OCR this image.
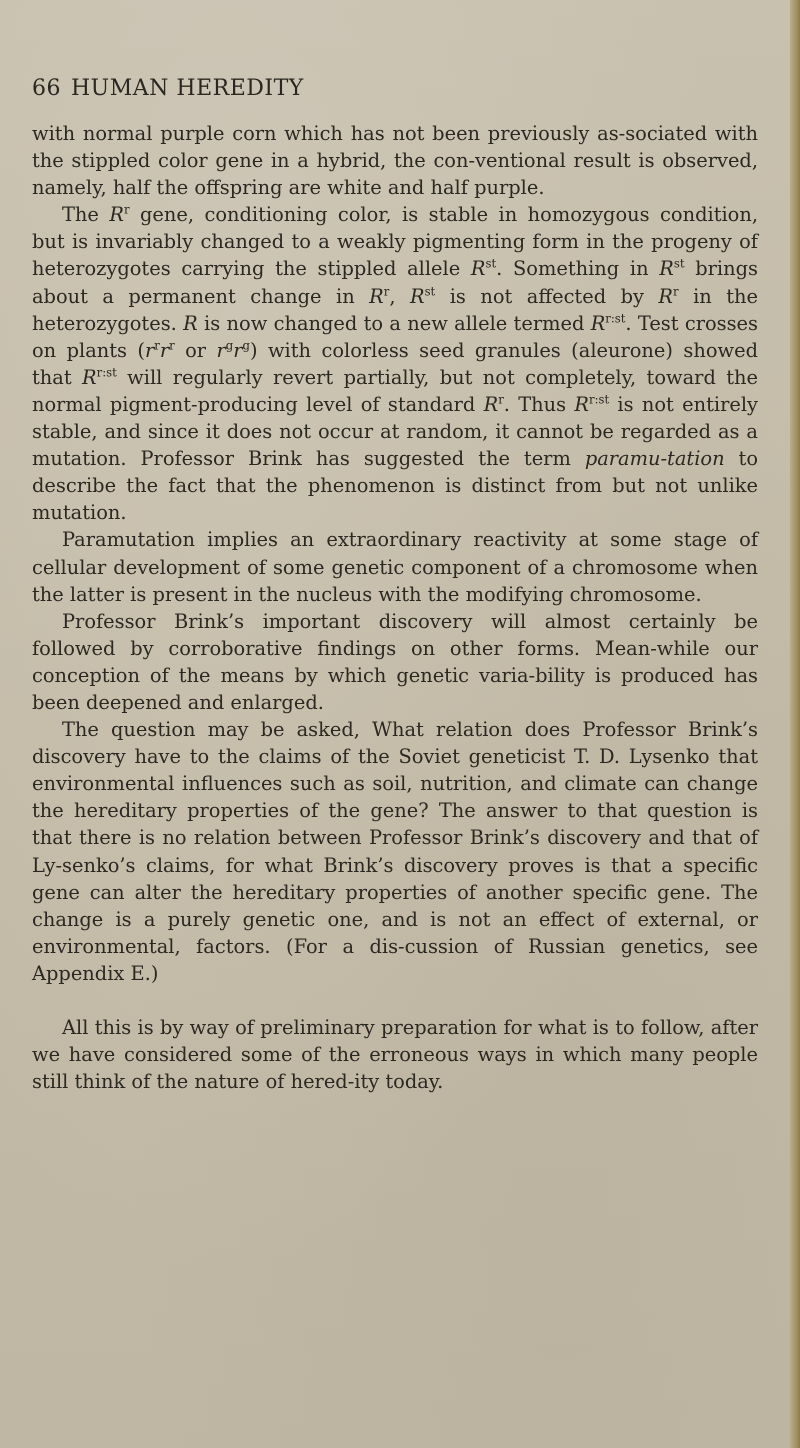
66 HUMAN HEREDITY

with normal purple corn which has not been previously as-sociated with the stippled color gene in a hybrid, the con-ventional result is observed, namely, half the offspring are white and half purple.

The $R^r$ gene, conditioning color, is stable in homozygous condition, but is invariably changed to a weakly pigmenting form in the progeny of heterozygotes carrying the stippled allele $R^{st}$. Something in $R^{st}$ brings about a permanent change in $R^r$, $R^{st}$ is not affected by $R^r$ in the heterozygotes. R is now changed to a new allele termed $R^{r:st}$. Test crosses on plants ($r^rr^r$ or $r^gr^g$) with colorless seed granules (aleurone) showed that $R^{r:st}$ will regularly revert partially, but not completely, toward the normal pigment-producing level of standard $R^r$. Thus $R^{r:st}$ is not entirely stable, and since it does not occur at random, it cannot be regarded as a mutation. Professor Brink has suggested the term paramu-tation to describe the fact that the phenomenon is distinct from but not unlike mutation.

Paramutation implies an extraordinary reactivity at some stage of cellular development of some genetic component of a chromosome when the latter is present in the nucleus with the modifying chromosome.

Professor Brink’s important discovery will almost certainly be followed by corroborative findings on other forms. Mean-while our conception of the means by which genetic varia-bility is produced has been deepened and enlarged.

The question may be asked, What relation does Professor Brink’s discovery have to the claims of the Soviet geneticist T. D. Lysenko that environmental influences such as soil, nutrition, and climate can change the hereditary properties of the gene? The answer to that question is that there is no relation between Professor Brink’s discovery and that of Ly-senko’s claims, for what Brink’s discovery proves is that a specific gene can alter the hereditary properties of another specific gene. The change is a purely genetic one, and is not an effect of external, or environmental, factors. (For a dis-cussion of Russian genetics, see Appendix E.)

All this is by way of preliminary preparation for what is to follow, after we have considered some of the erroneous ways in which many people still think of the nature of hered-ity today.
